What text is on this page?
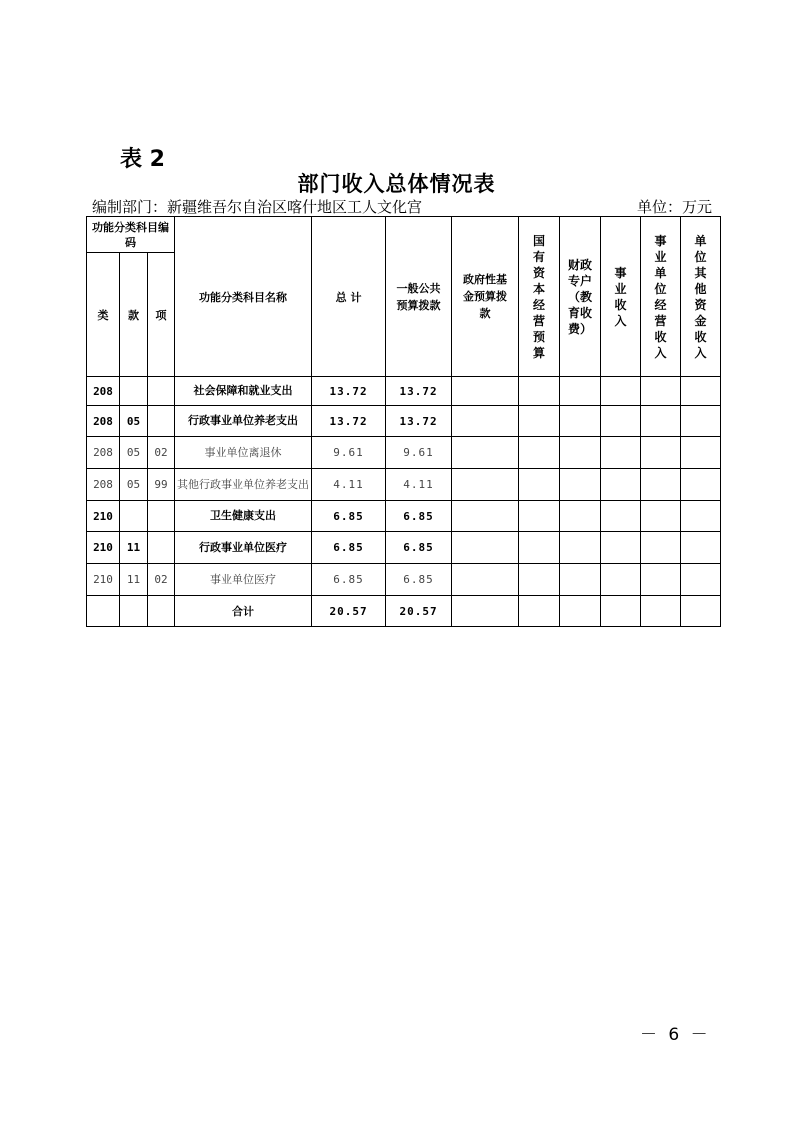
表 2
部门收入总体情况表
编制部门：新疆维吾尔自治区喀什地区工人文化宫	单位：万元
功能分类科目编码			功能分类科目名称	总 计	一般公共预算拨款	政府性基金预算拨款	国有资本经营预算	财政专户（教育收费）	事业收入	事业单位经营收入	单位其他资金收入
类	款	项									
208			社会保障和就业支出	13.72	13.72						
208	05		行政事业单位养老支出	13.72	13.72						
208	05	02	事业单位离退休	9.61	9.61						
208	05	99	其他行政事业单位养老支出	4.11	4.11						
210			卫生健康支出	6.85	6.85						
210	11		行政事业单位医疗	6.85	6.85						
210	11	02	事业单位医疗	6.85	6.85						
			合计	20.57	20.57						
－ 6 －
